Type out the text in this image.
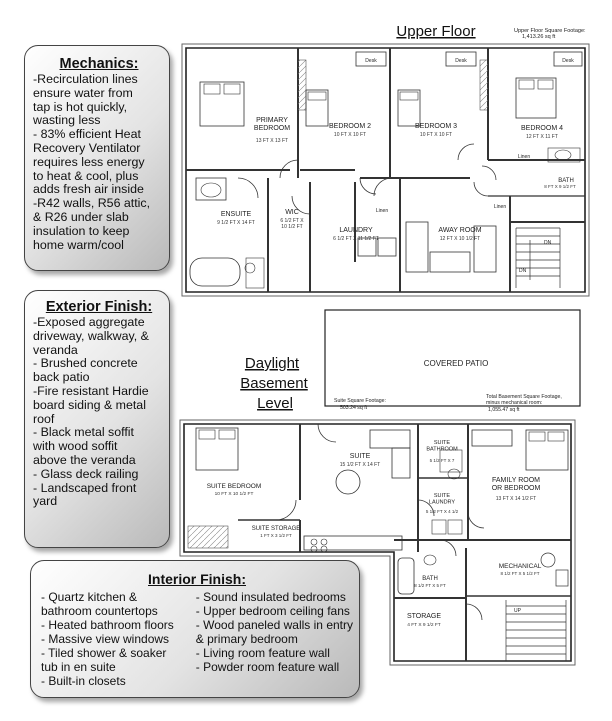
Upper Floor	Upper Floor Square Footage:
1,413.26 sq ft
PRIMARY BEDROOM
13 FT X 13 FT
BEDROOM 2
10 FT X 10 FT
BEDROOM 3
10 FT X 10 FT
BEDROOM 4
12 FT X 11 FT
ENSUITE
9 1/2 FT X 14 FT
WIC
6 1/2 FT X 10 1/2 FT	LAUNDRY
6 1/2 FT X 11 1/2 FT
AWAY ROOM
12 FT X 10 1/2 FT
BATH
8 FT X 9 1/2 FT
Desk	Desk	Desk
Linen
Linen
Linen
DN
DN
Daylight
Basement
Level
COVERED PATIO
Suite Square Footage:
503.24 sq ft
Total Basement Square Footage,
minus mechanical room:
1,055.47 sq ft
SUITE BEDROOM
10 FT X 10 1/2 FT
SUITE
15 1/2 FT X 14 FT
SUITE BATHROOM
5 1/2 FT X 7
SUITE LAUNDRY
5 1/2 FT X 4 1/2
FAMILY ROOM OR BEDROOM
13 FT X 14 1/2 FT
SUITE STORAGE
1 FT X 3 1/2 FT
BATH
8 1/2 FT X 5 FT
MECHANICAL
8 1/2 FT X 5 1/2 FT
STORAGE
4 FT X 9 1/2 FT
UP
Mechanics:
-Recirculation lines
ensure water from
tap is hot quickly,
wasting less
- 83% efficient Heat
Recovery Ventilator
requires less energy
to heat & cool, plus
adds fresh air inside
-R42 walls, R56 attic,
& R26 under slab
insulation to keep
home warm/cool
Exterior Finish:
-Exposed aggregate
driveway, walkway, &
veranda
- Brushed concrete
back patio
-Fire resistant Hardie
board siding & metal
roof
- Black metal soffit
with wood soffit
above the veranda
- Glass deck railing
- Landscaped front
yard
Interior Finish:
- Quartz kitchen &
bathroom countertops
- Heated bathroom floors
- Massive view windows
- Tiled shower & soaker
tub in en suite
- Built-in closets
- Sound insulated bedrooms
- Upper bedroom ceiling fans
- Wood paneled walls in entry
& primary bedroom
- Living room feature wall
- Powder room feature wall
